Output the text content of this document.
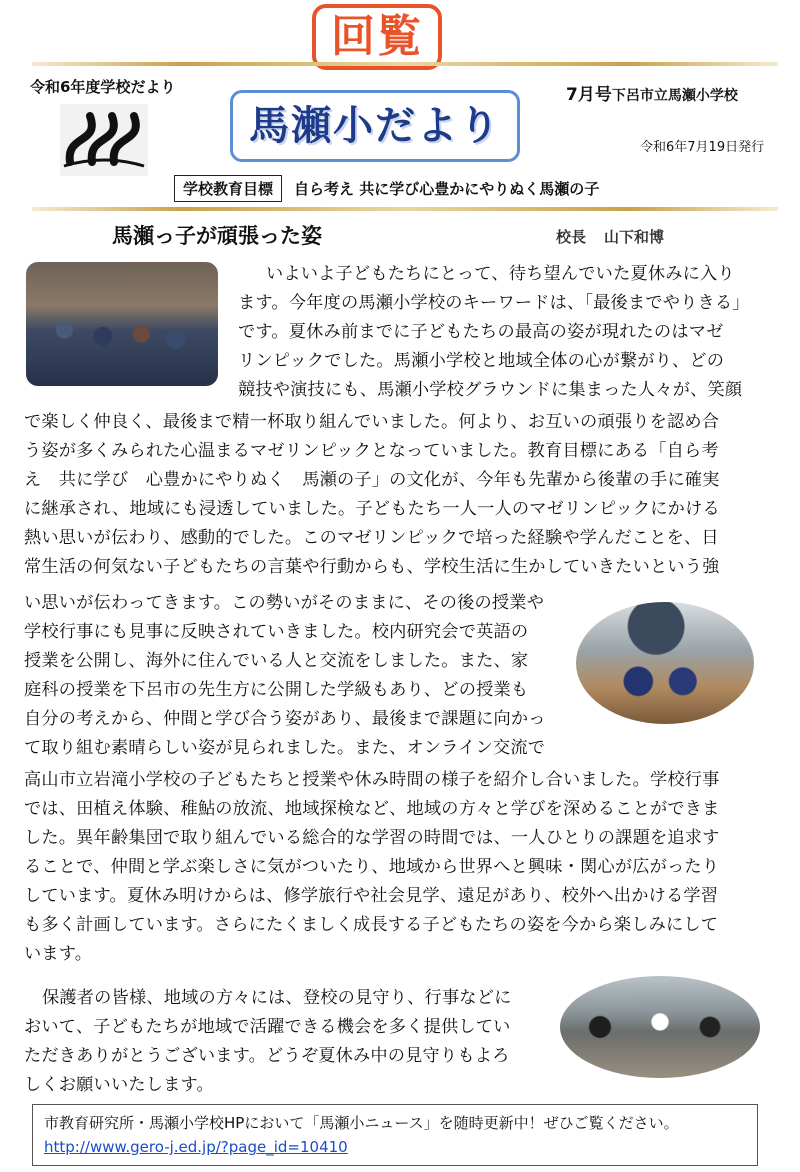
回覧
令和6年度学校だより
馬瀬小だより
7月号下呂市立馬瀬小学校
令和6年7月19日発行
学校教育目標	自ら考え 共に学び心豊かにやりぬく馬瀬の子
馬瀬っ子が頑張った姿	校長 山下和博
いよいよ子どもたちにとって、待ち望んでいた夏休みに入り
ます。今年度の馬瀬小学校のキーワードは、「最後までやりきる」
です。夏休み前までに子どもたちの最高の姿が現れたのはマゼ
リンピックでした。馬瀬小学校と地域全体の心が繋がり、どの
競技や演技にも、馬瀬小学校グラウンドに集まった人々が、笑顔
で楽しく仲良く、最後まで精一杯取り組んでいました。何より、お互いの頑張りを認め合
う姿が多くみられた心温まるマゼリンピックとなっていました。教育目標にある「自ら考
え　共に学び　心豊かにやりぬく　馬瀬の子」の文化が、今年も先輩から後輩の手に確実
に継承され、地域にも浸透していました。子どもたち一人一人のマゼリンピックにかける
熱い思いが伝わり、感動的でした。このマゼリンピックで培った経験や学んだことを、日
常生活の何気ない子どもたちの言葉や行動からも、学校生活に生かしていきたいという強
い思いが伝わってきます。この勢いがそのままに、その後の授業や
学校行事にも見事に反映されていきました。校内研究会で英語の
授業を公開し、海外に住んでいる人と交流をしました。また、家
庭科の授業を下呂市の先生方に公開した学級もあり、どの授業も
自分の考えから、仲間と学び合う姿があり、最後まで課題に向かっ
て取り組む素晴らしい姿が見られました。また、オンライン交流で
高山市立岩滝小学校の子どもたちと授業や休み時間の様子を紹介し合いました。学校行事
では、田植え体験、稚鮎の放流、地域探検など、地域の方々と学びを深めることができま
した。異年齢集団で取り組んでいる総合的な学習の時間では、一人ひとりの課題を追求す
ることで、仲間と学ぶ楽しさに気がついたり、地域から世界へと興味・関心が広がったり
しています。夏休み明けからは、修学旅行や社会見学、遠足があり、校外へ出かける学習
も多く計画しています。さらにたくましく成長する子どもたちの姿を今から楽しみにして
います。
保護者の皆様、地域の方々には、登校の見守り、行事などに
おいて、子どもたちが地域で活躍できる機会を多く提供してい
ただきありがとうございます。どうぞ夏休み中の見守りもよろ
しくお願いいたします。
市教育研究所・馬瀬小学校HPにおいて「馬瀬小ニュース」を随時更新中！ぜひご覧ください。
http://www.gero-j.ed.jp/?page_id=10410
